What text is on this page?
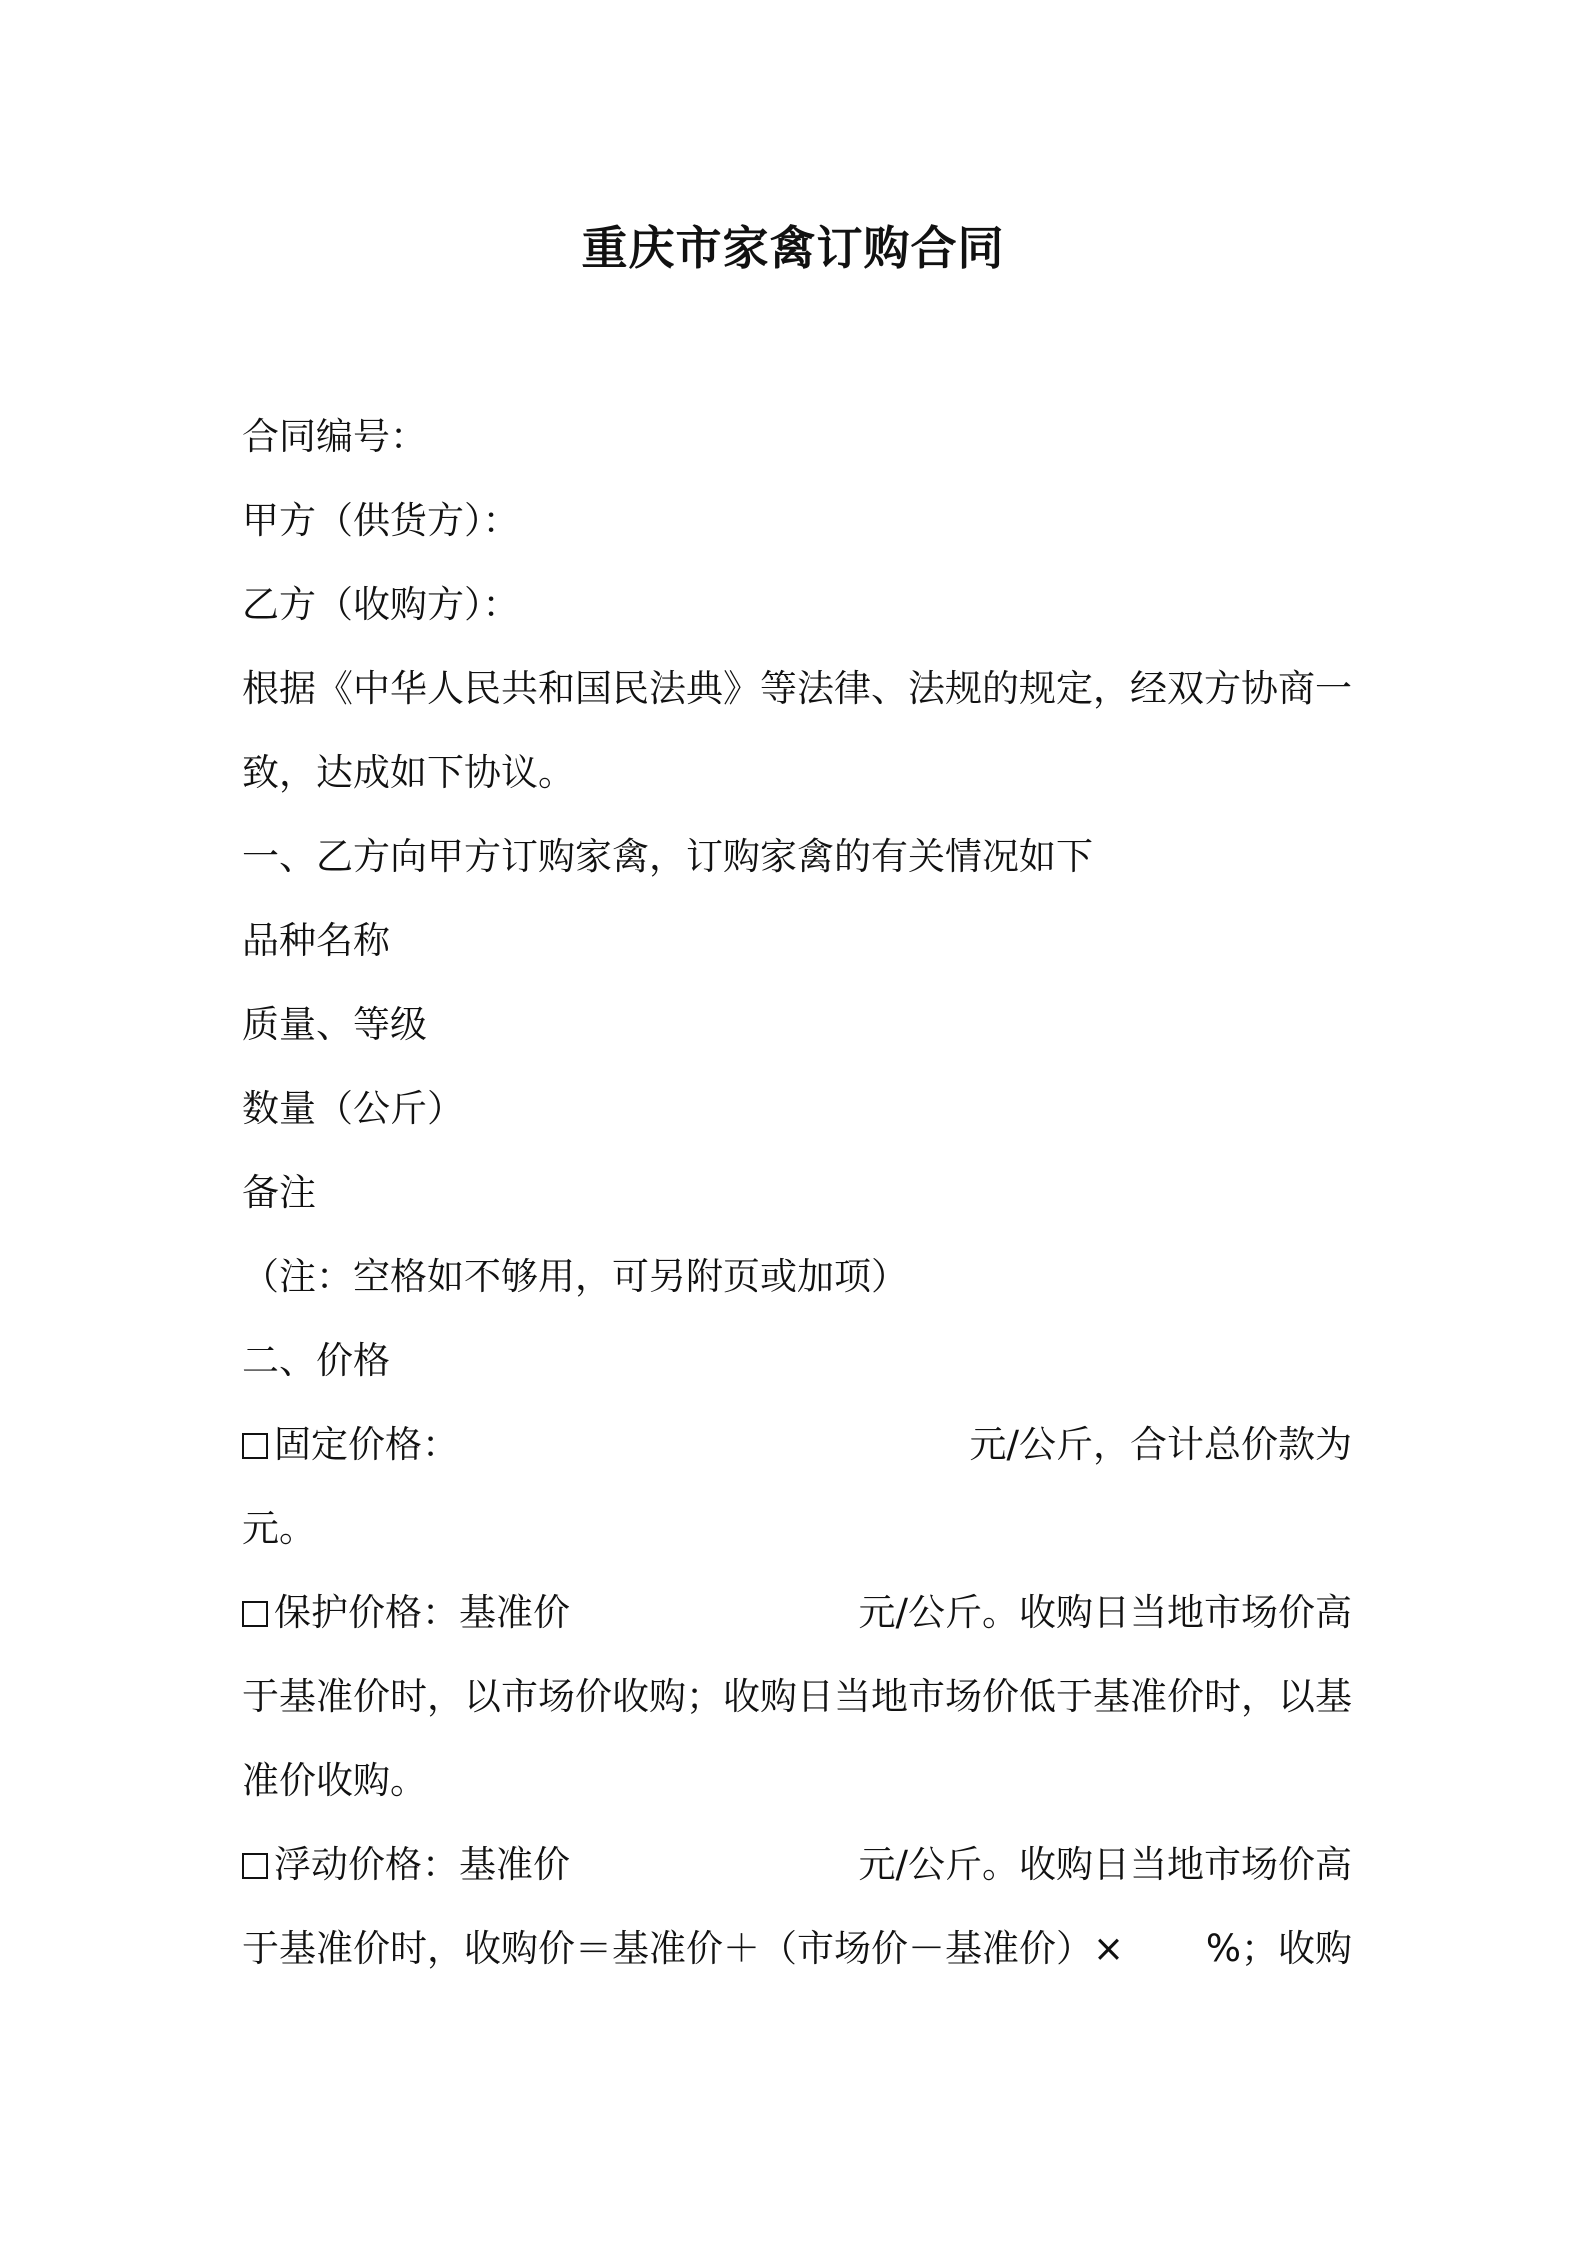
重庆市家禽订购合同
合同编号：
甲方（供货方）：
乙方（收购方）：
根据《中华人民共和国民法典》等法律、法规的规定，经双方协商一
致，达成如下协议。
一、乙方向甲方订购家禽，订购家禽的有关情况如下
品种名称
质量、等级
数量（公斤）
备注
（注：空格如不够用，可另附页或加项）
二、价格
固定价格：	元/公斤，合计总价款为
元。
保护价格：基准价	元/公斤。收购日当地市场价高
于基准价时，以市场价收购；收购日当地市场价低于基准价时，以基
准价收购。
浮动价格：基准价	元/公斤。收购日当地市场价高
于基准价时，收购价＝基准价＋（市场价－基准价）× %；收购
